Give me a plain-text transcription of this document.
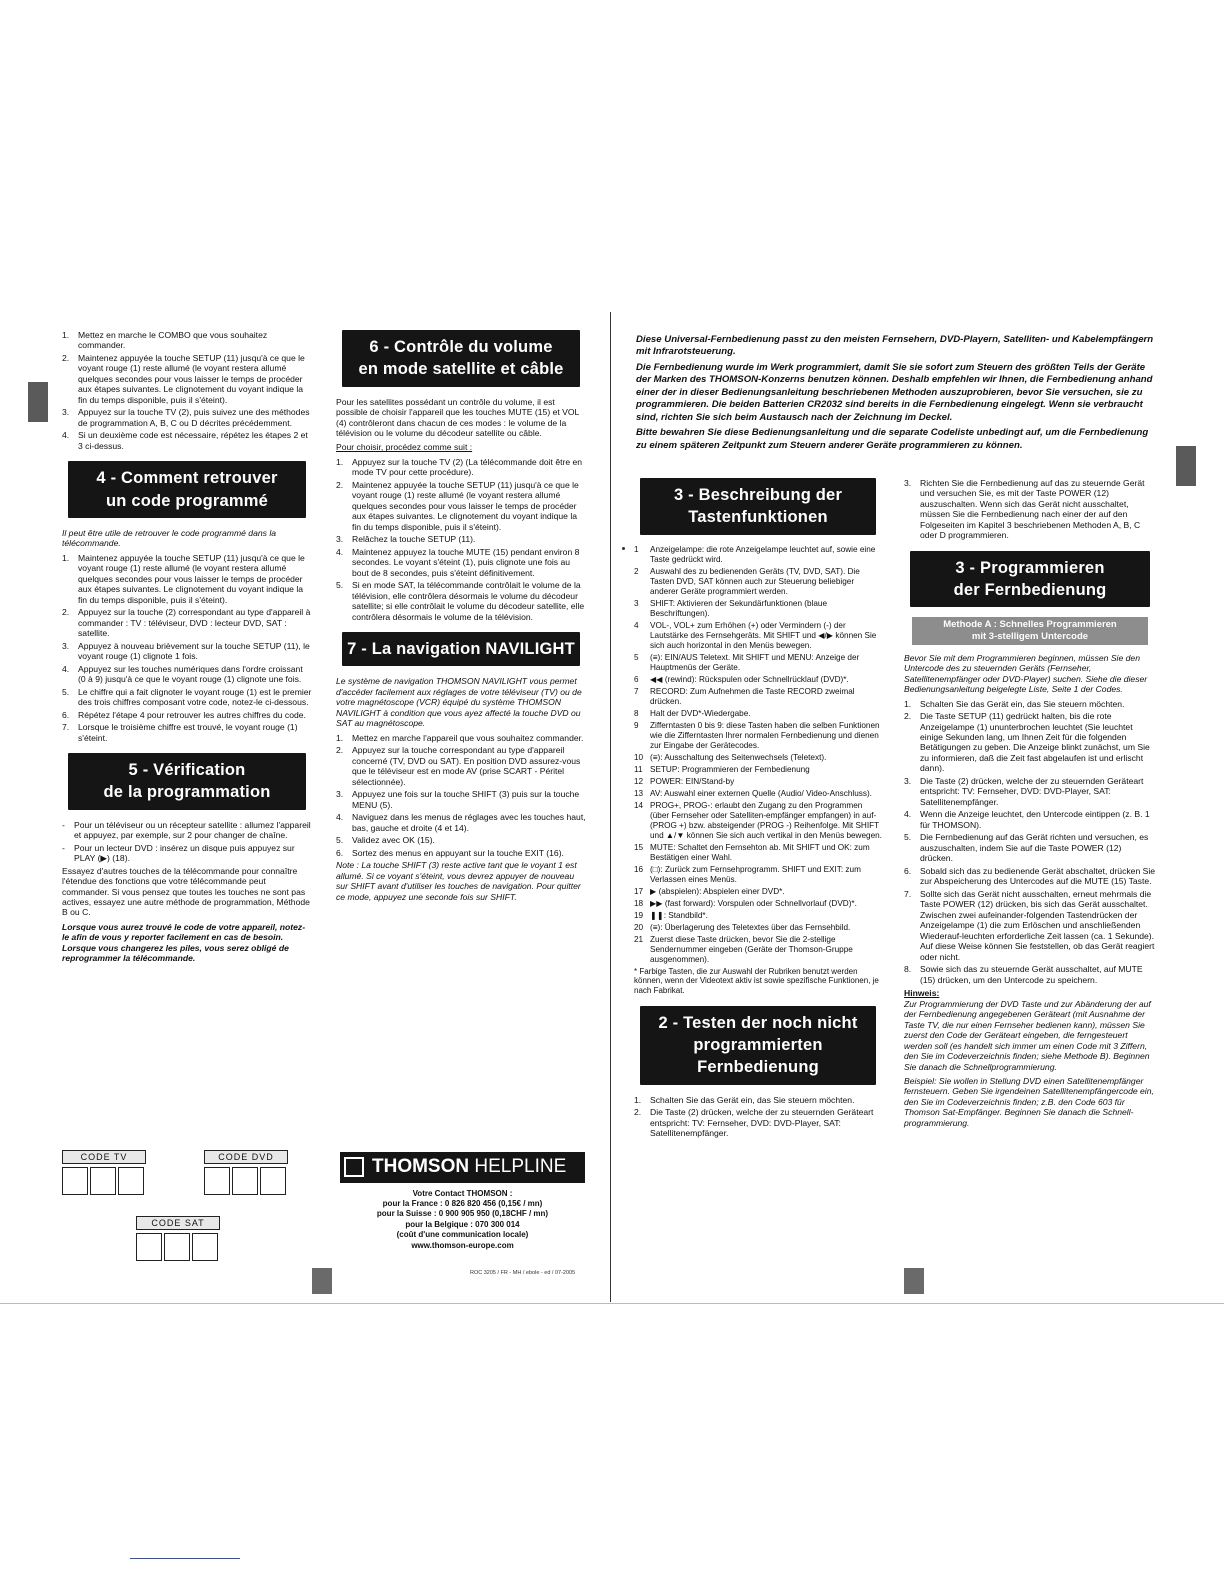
1. Mettez en marche le COMBO que vous souhaitez commander.
2. Maintenez appuyée la touche SETUP (11) jusqu'à ce que le voyant rouge (1) reste allumé (le voyant restera allumé quelques secondes pour vous laisser le temps de procéder aux étapes suivantes. Le clignotement du voyant indique la fin du temps disponible, puis il s'éteint).
3. Appuyez sur la touche TV (2), puis suivez une des méthodes de programmation A, B, C ou D décrites précédemment.
4. Si un deuxième code est nécessaire, répétez les étapes 2 et 3 ci-dessus.
4 - Comment retrouver
un code programmé

Il peut être utile de retrouver le code programmé dans la télécommande.

1. Maintenez appuyée la touche SETUP (11) jusqu'à ce que le voyant rouge (1) reste allumé (le voyant restera allumé quelques secondes pour vous laisser le temps de procéder aux étapes suivantes. Le clignotement du voyant indique la fin du temps disponible, puis il s'éteint).
2. Appuyez sur la touche (2) correspondant au type d'appareil à commander : TV : téléviseur, DVD : lecteur DVD, SAT : satellite.
3. Appuyez à nouveau brièvement sur la touche SETUP (11), le voyant rouge (1) clignote 1 fois.
4. Appuyez sur les touches numériques dans l'ordre croissant (0 à 9) jusqu'à ce que le voyant rouge (1) clignote une fois.
5. Le chiffre qui a fait clignoter le voyant rouge (1) est le premier des trois chiffres composant votre code, notez-le ci-dessous.
6. Répétez l'étape 4 pour retrouver les autres chiffres du code.
7. Lorsque le troisième chiffre est trouvé, le voyant rouge (1) s'éteint.
5 - Vérification
de la programmation
- Pour un téléviseur ou un récepteur satellite : allumez l'appareil et appuyez, par exemple, sur 2 pour changer de chaîne.
- Pour un lecteur DVD : insérez un disque puis appuyez sur PLAY (▶) (18).

Essayez d'autres touches de la télécommande pour connaître l'étendue des fonctions que votre télécommande peut commander. Si vous pensez que toutes les touches ne sont pas actives, essayez une autre méthode de programmation, Méthode B ou C.

Lorsque vous aurez trouvé le code de votre appareil, notez-le afin de vous y reporter facilement en cas de besoin.
Lorsque vous changerez les piles, vous serez obligé de reprogrammer la télécommande.
CODE TV	CODE DVD
CODE SAT
6 - Contrôle du volume
en mode satellite et câble

Pour les satellites possédant un contrôle du volume, il est possible de choisir l'appareil que les touches MUTE (15) et VOL (4) contrôleront dans chacun de ces modes : le volume de la télévision ou le volume du décodeur satellite ou câble.

Pour choisir, procédez comme suit :

1. Appuyez sur la touche TV (2) (La télécommande doit être en mode TV pour cette procédure).
2. Maintenez appuyée la touche SETUP (11) jusqu'à ce que le voyant rouge (1) reste allumé (le voyant restera allumé quelques secondes pour vous laisser le temps de procéder aux étapes suivantes. Le clignotement du voyant indique la fin du temps disponible, puis il s'éteint).
3. Relâchez la touche SETUP (11).
4. Maintenez appuyez la touche MUTE (15) pendant environ 8 secondes. Le voyant s'éteint (1), puis clignote une fois au bout de 8 secondes, puis s'éteint définitivement.
5. Si en mode SAT, la télécommande contrôlait le volume de la télévision, elle contrôlera désormais le volume du décodeur satellite; si elle contrôlait le volume du décodeur satellite, elle contrôlera désormais le volume de la télévision.
7 - La navigation NAVILIGHT

Le système de navigation THOMSON NAVILIGHT vous permet d'accéder facilement aux réglages de votre téléviseur (TV) ou de votre magnétoscope (VCR) équipé du système THOMSON NAVILIGHT à condition que vous ayez affecté la touche DVD ou SAT au magnétoscope.

1. Mettez en marche l'appareil que vous souhaitez commander.
2. Appuyez sur la touche correspondant au type d'appareil concerné (TV, DVD ou SAT). En position DVD assurez-vous que le téléviseur est en mode AV (prise SCART - Péritel sélectionnée).
3. Appuyez une fois sur la touche SHIFT (3) puis sur la touche MENU (5).
4. Naviguez dans les menus de réglages avec les touches haut, bas, gauche et droite (4 et 14).
5. Validez avec OK (15).
6. Sortez des menus en appuyant sur la touche EXIT (16).

Note : La touche SHIFT (3) reste active tant que le voyant 1 est allumé. Si ce voyant s'éteint, vous devrez appuyer de nouveau sur SHIFT avant d'utiliser les touches de navigation. Pour quitter ce mode, appuyez une seconde fois sur SHIFT.

THOMSON HELPLINE
Votre Contact THOMSON :
pour la France : 0 826 820 456 (0,15€ / mn)
pour la Suisse : 0 900 905 950 (0,18CHF / mn)
pour la Belgique : 070 300 014
(coût d'une communication locale)
www.thomson-europe.com
ROC 3205 / FR - MH / ebole - ed / 07-2005

Diese Universal-Fernbedienung passt zu den meisten Fernsehern, DVD-Playern, Satelliten- und Kabelempfängern mit Infrarotsteuerung.

Die Fernbedienung wurde im Werk programmiert, damit Sie sie sofort zum Steuern des größten Teils der Geräte der Marken des THOMSON-Konzerns benutzen können. Deshalb empfehlen wir Ihnen, die Fernbedienung anhand einer der in dieser Bedienungsanleitung beschriebenen Methoden auszuprobieren, bevor Sie versuchen, sie zu programmieren. Die beiden Batterien CR2032 sind bereits in die Fernbedienung eingelegt. Wenn sie verbraucht sind, richten Sie sich beim Austausch nach der Zeichnung im Deckel.

Bitte bewahren Sie diese Bedienungsanleitung und die separate Codeliste unbedingt auf, um die Fernbedienung zu einem späteren Zeitpunkt zum Steuern anderer Geräte programmieren zu können.

3 - Beschreibung der
Tastenfunktionen
1 Anzeigelampe: die rote Anzeigelampe leuchtet auf, sowie eine Taste gedrückt wird.
2 Auswahl des zu bedienenden Geräts (TV, DVD, SAT). Die Tasten DVD, SAT können auch zur Steuerung beliebiger anderer Geräte programmiert werden.
3 SHIFT: Aktivieren der Sekundärfunktionen (blaue Beschriftungen).
4 VOL-, VOL+ zum Erhöhen (+) oder Vermindern (-) der Lautstärke des Fernsehgeräts. Mit SHIFT und ◀/▶ können Sie sich auch horizontal in den Menüs bewegen.
5 (≡): EIN/AUS Teletext. Mit SHIFT und MENU: Anzeige der Hauptmenüs der Geräte.
6 ◀◀ (rewind): Rückspulen oder Schnellrücklauf (DVD)*.
7 RECORD: Zum Aufnehmen die Taste RECORD zweimal drücken.
8 Halt der DVD*-Wiedergabe.
9 Zifferntasten 0 bis 9: diese Tasten haben die selben Funktionen wie die Zifferntasten Ihrer normalen Fernbedienung und dienen zur Eingabe der Gerätecodes.
10 (≡): Ausschaltung des Seitenwechsels (Teletext).
11 SETUP: Programmieren der Fernbedienung
12 POWER: EIN/Stand-by
13 AV: Auswahl einer externen Quelle (Audio/ Video-Anschluss).
14 PROG+, PROG-: erlaubt den Zugang zu den Programmen (über Fernseher oder Satelliten-empfänger empfangen) in auf- (PROG +) bzw. absteigender (PROG -) Reihenfolge. Mit SHIFT und ▲/▼ können Sie sich auch vertikal in den Menüs bewegen.
15 MUTE: Schaltet den Fernsehton ab. Mit SHIFT und OK: zum Bestätigen einer Wahl.
16 (□): Zurück zum Fernsehprogramm. SHIFT und EXIT: zum Verlassen eines Menüs.
17 ▶ (abspielen): Abspielen einer DVD*.
18 ▶▶ (fast forward): Vorspulen oder Schnellvorlauf (DVD)*.
19 ❚❚: Standbild*.
20 (≡): Überlagerung des Teletextes über das Fernsehbild.
21 Zuerst diese Taste drücken, bevor Sie die 2-stellige Sendernummer eingeben (Geräte der Thomson-Gruppe ausgenommen).

* Farbige Tasten, die zur Auswahl der Rubriken benutzt werden können, wenn der Videotext aktiv ist sowie spezifische Funktionen, je nach Fabrikat.

2 - Testen der noch nicht
programmierten Fernbedienung
1. Schalten Sie das Gerät ein, das Sie steuern möchten.
2. Die Taste (2) drücken, welche der zu steuernden Geräteart entspricht: TV: Fernseher, DVD: DVD-Player, SAT: Satellitenempfänger.
3. Richten Sie die Fernbedienung auf das zu steuernde Gerät und versuchen Sie, es mit der Taste POWER (12) auszuschalten. Wenn sich das Gerät nicht ausschaltet, müssen Sie die Fernbedienung nach einer der auf den Folgeseiten im Kapitel 3 beschriebenen Methoden A, B, C oder D programmieren.
3 - Programmieren
der Fernbedienung
Methode A : Schnelles Programmieren
mit 3-stelligem Untercode

Bevor Sie mit dem Programmieren beginnen, müssen Sie den Untercode des zu steuernden Geräts (Fernseher, Satellitenempfänger oder DVD-Player) suchen. Siehe die dieser Bedienungsanleitung beigelegte Liste, Seite 1 der Codes.

1. Schalten Sie das Gerät ein, das Sie steuern möchten.
2. Die Taste SETUP (11) gedrückt halten, bis die rote Anzeigelampe (1) ununterbrochen leuchtet (Sie leuchtet einige Sekunden lang, um Ihnen Zeit für die folgenden Betätigungen zu geben. Die Anzeige blinkt zunächst, um Sie zu informieren, daß die Zeit fast abgelaufen ist und erlischt dann).
3. Die Taste (2) drücken, welche der zu steuernden Geräteart entspricht: TV: Fernseher, DVD: DVD-Player, SAT: Satellitenempfänger.
4. Wenn die Anzeige leuchtet, den Untercode eintippen (z. B. 1 für THOMSON).
5. Die Fernbedienung auf das Gerät richten und versuchen, es auszuschalten, indem Sie auf die Taste POWER (12) drücken.
6. Sobald sich das zu bedienende Gerät abschaltet, drücken Sie zur Abspeicherung des Untercodes auf die MUTE (15) Taste.
7. Sollte sich das Gerät nicht ausschalten, erneut mehrmals die Taste POWER (12) drücken, bis sich das Gerät ausschaltet. Zwischen zwei aufeinander-folgenden Tastendrücken der Anzeigelampe (1) die zum Erlöschen und anschließenden Wiederauf-leuchten erforderliche Zeit lassen (ca. 1 Sekunde). Auf diese Weise können Sie feststellen, ob das Gerät reagiert oder nicht.
8. Sowie sich das zu steuernde Gerät ausschaltet, auf MUTE (15) drücken, um den Untercode zu speichern.
Hinweis:

Zur Programmierung der DVD Taste und zur Abänderung der auf der Fernbedienung angegebenen Geräteart (mit Ausnahme der Taste TV, die nur einen Fernseher bedienen kann), müssen Sie zuerst den Code der Geräteart eingeben, die ferngesteuert werden soll (es handelt sich immer um einen Code mit 3 Ziffern, den Sie im Codeverzeichnis finden; siehe Methode B). Beginnen Sie danach die Schnellprogrammierung.

Beispiel: Sie wollen in Stellung DVD einen Satellitenempfänger fernsteuern. Geben Sie irgendeinen Satellitenempfängercode ein, den Sie im Codeverzeichnis finden; z.B. den Code 603 für Thomson Sat-Empfänger. Beginnen Sie danach die Schnell-programmierung.
